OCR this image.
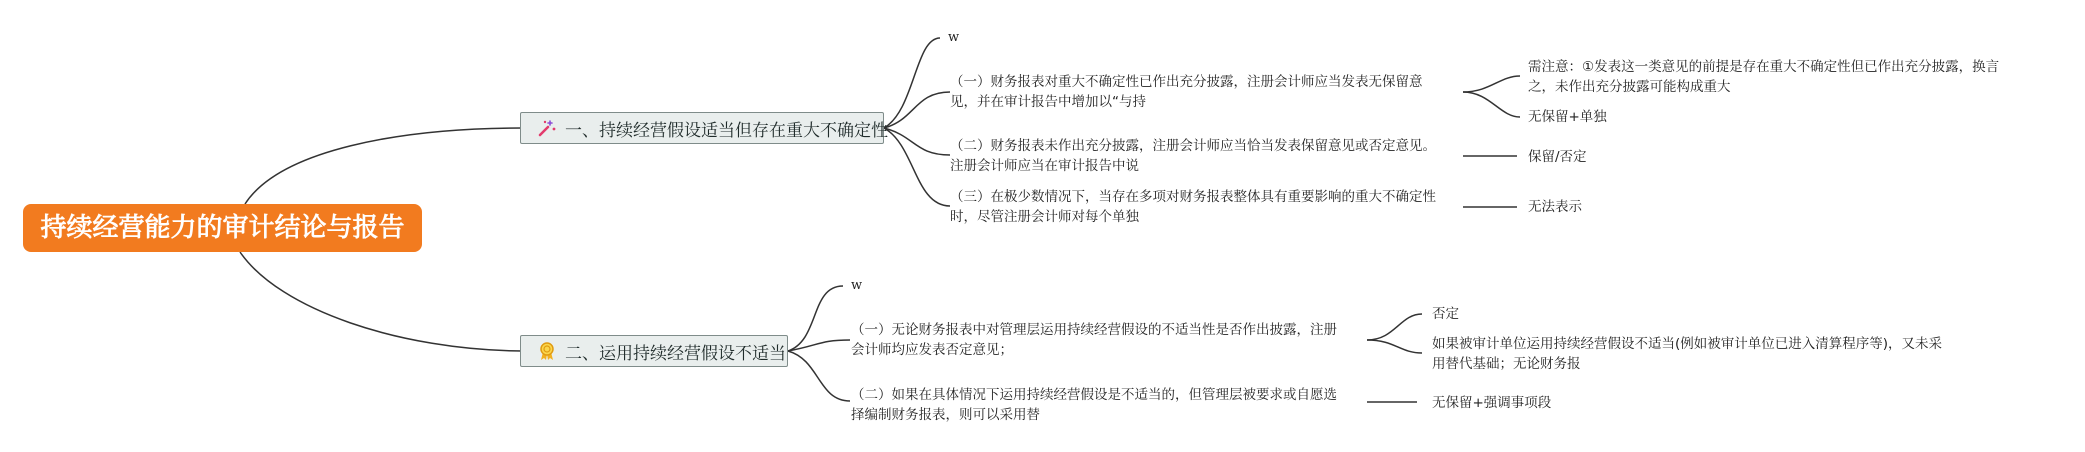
持续经营能力的审计结论与报告
一、持续经营假设适当但存在重大不确定性
w
（一）财务报表对重大不确定性已作出充分披露，注册会计师应当发表无保留意见，并在审计报告中增加以“与持
（二）财务报表未作出充分披露，注册会计师应当恰当发表保留意见或否定意见。注册会计师应当在审计报告中说
（三）在极少数情况下，当存在多项对财务报表整体具有重要影响的重大不确定性时，尽管注册会计师对每个单独
需注意：①发表这一类意见的前提是存在重大不确定性但已作出充分披露，换言之，未作出充分披露可能构成重大
无保留+单独
保留/否定
无法表示
二、运用持续经营假设不适当
w
（一）无论财务报表中对管理层运用持续经营假设的不适当性是否作出披露，注册会计师均应发表否定意见；
（二）如果在具体情况下运用持续经营假设是不适当的，但管理层被要求或自愿选择编制财务报表，则可以采用替
否定
如果被审计单位运用持续经营假设不适当(例如被审计单位已进入清算程序等)，又未采用替代基础；无论财务报
无保留+强调事项段
